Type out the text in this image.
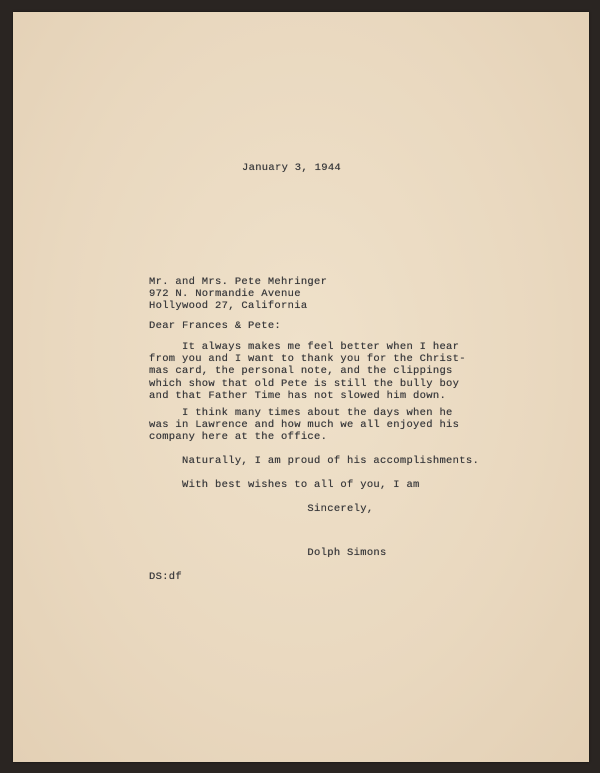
January 3, 1944

Mr. and Mrs. Pete Mehringer
972 N. Normandie Avenue
Hollywood 27, California

Dear Frances & Pete:

It always makes me feel better when I hear
from you and I want to thank you for the Christ-
mas card, the personal note, and the clippings
which show that old Pete is still the bully boy
and that Father Time has not slowed him down.

I think many times about the days when he
was in Lawrence and how much we all enjoyed his
company here at the office.

Naturally, I am proud of his accomplishments.

With best wishes to all of you, I am

Sincerely,

Dolph Simons

DS:df
